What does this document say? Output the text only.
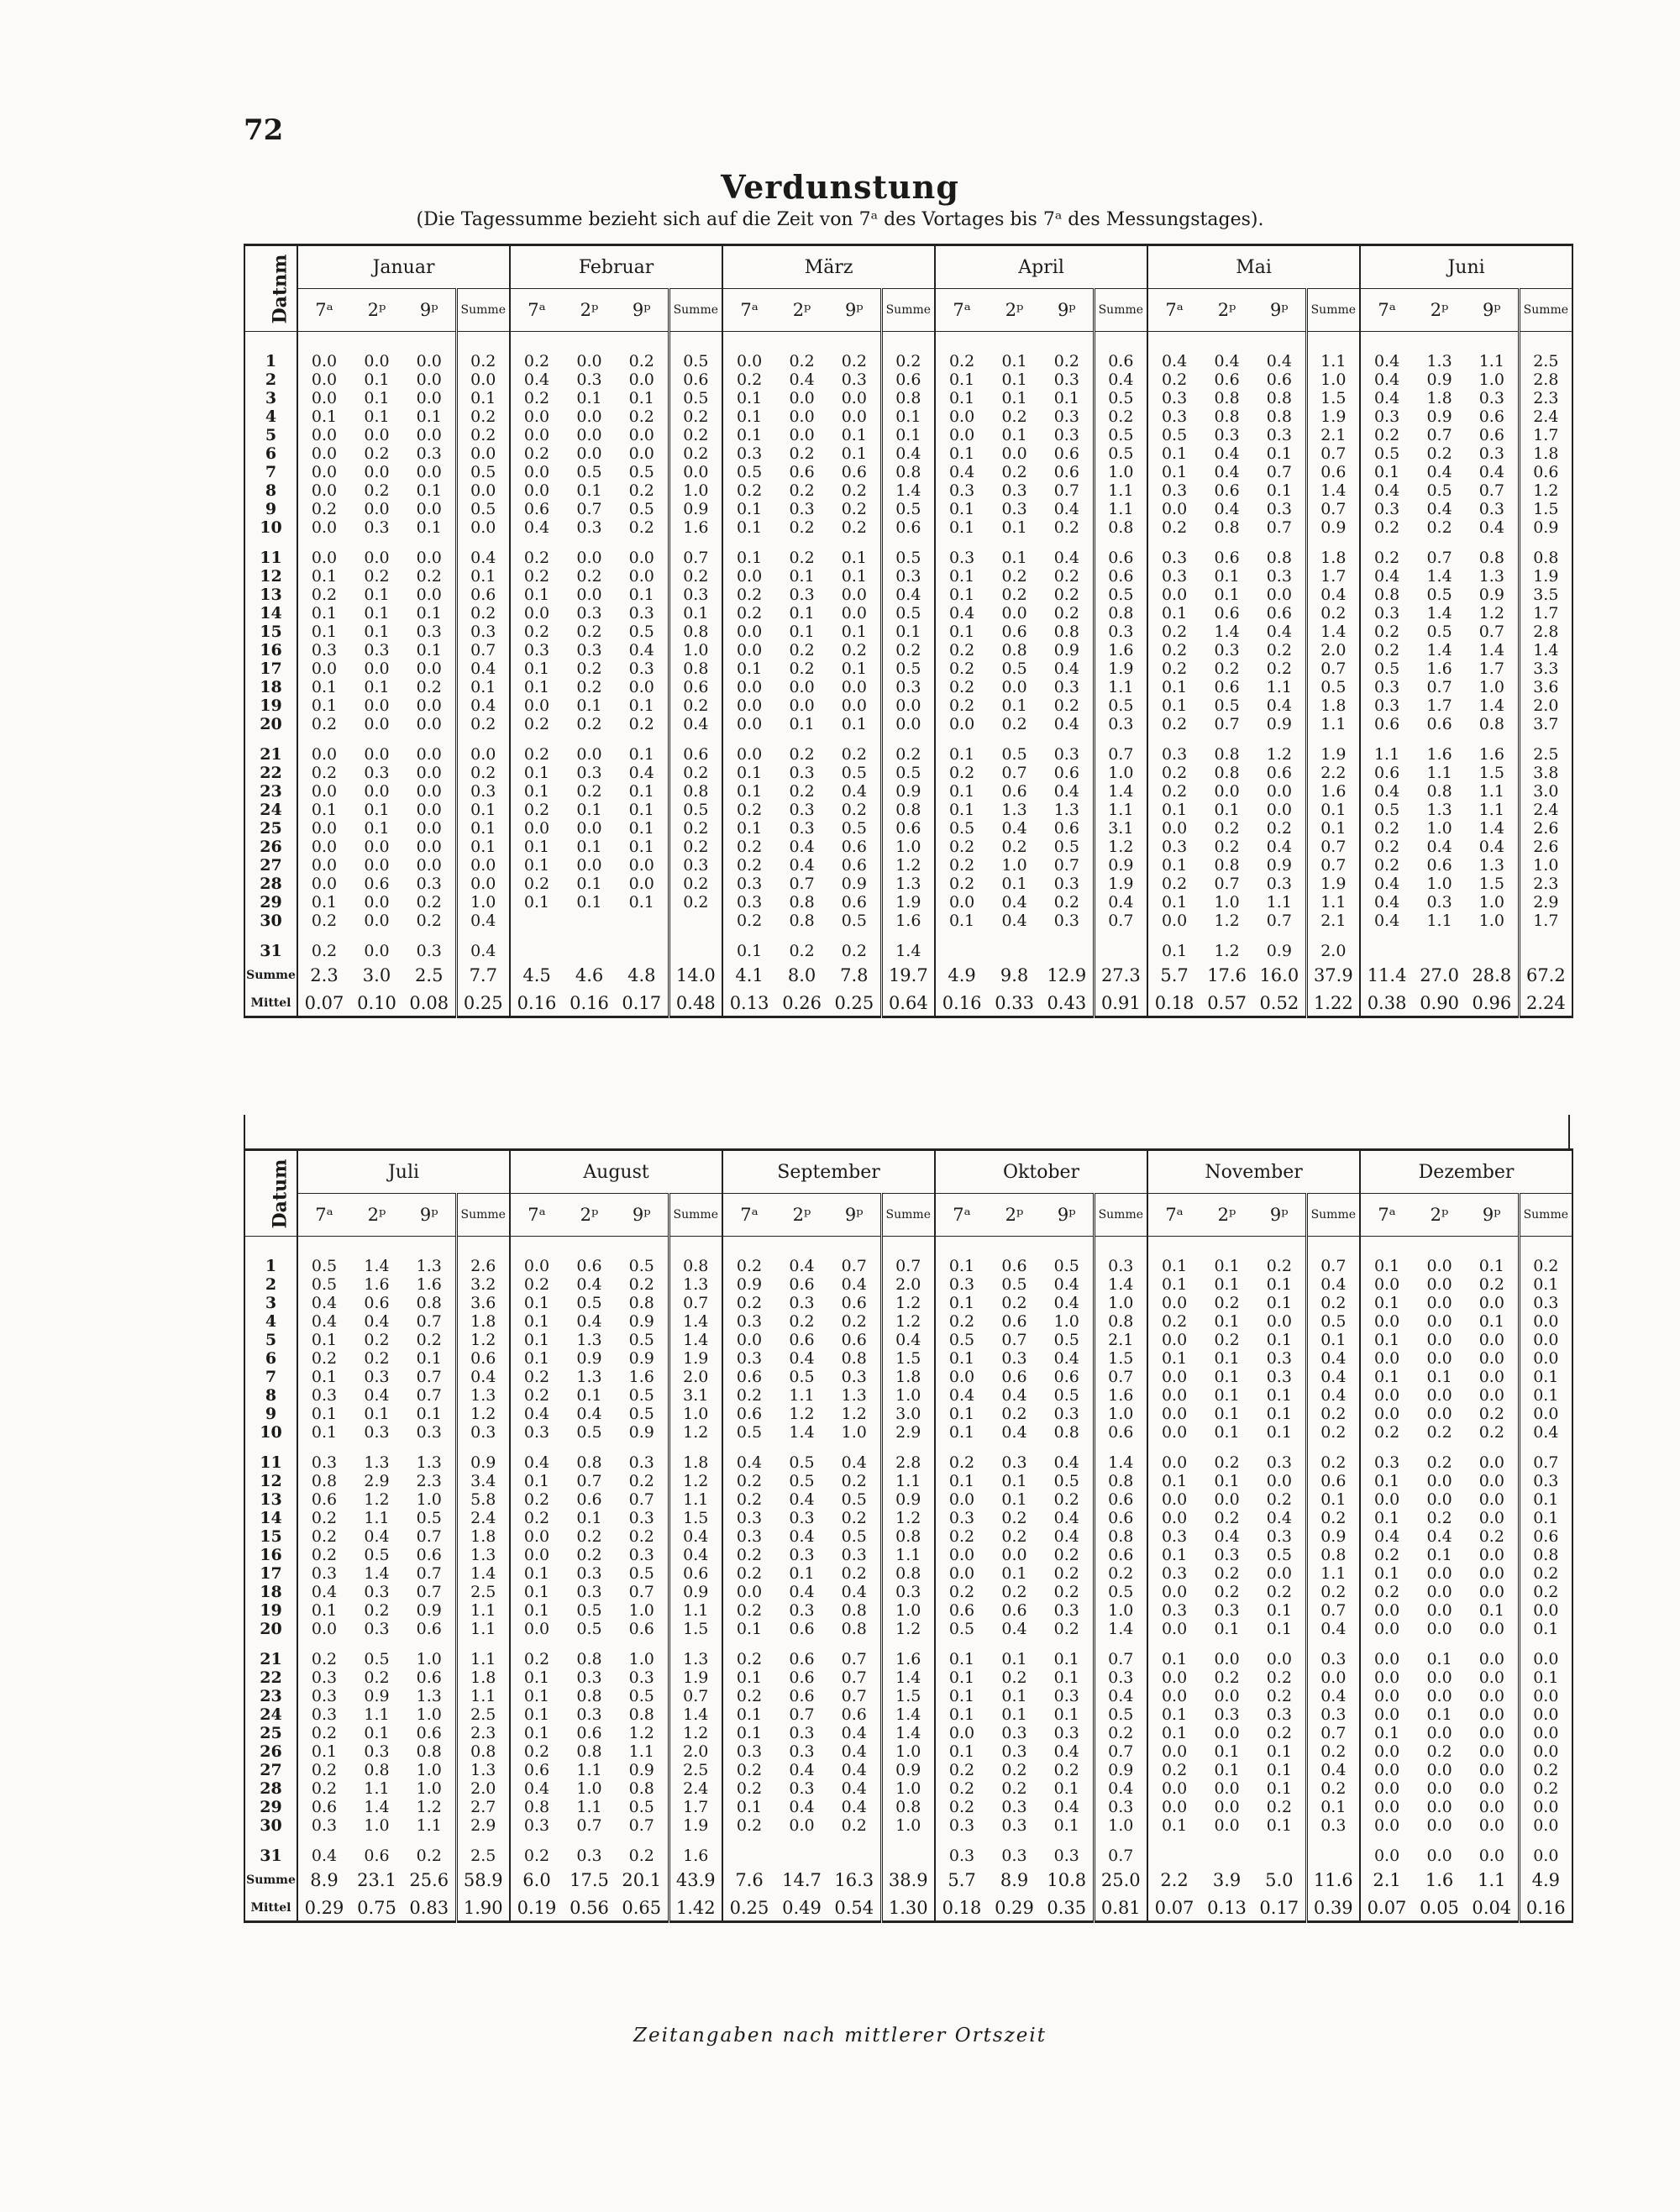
72
Verdunstung
(Die Tagessumme bezieht sich auf die Zeit von 7ᵃ des Vortages bis 7ᵃ des Messungstages).
Datnm	Januar				Februar				März				April				Mai				Juni			
	7ᵃ	2ᵖ	9ᵖ	Summe	7ᵃ	2ᵖ	9ᵖ	Summe	7ᵃ	2ᵖ	9ᵖ	Summe	7ᵃ	2ᵖ	9ᵖ	Summe	7ᵃ	2ᵖ	9ᵖ	Summe	7ᵃ	2ᵖ	9ᵖ	Summe

1	0.0	0.0	0.0	0.2	0.2	0.0	0.2	0.5	0.0	0.2	0.2	0.2	0.2	0.1	0.2	0.6	0.4	0.4	0.4	1.1	0.4	1.3	1.1	2.5
2	0.0	0.1	0.0	0.0	0.4	0.3	0.0	0.6	0.2	0.4	0.3	0.6	0.1	0.1	0.3	0.4	0.2	0.6	0.6	1.0	0.4	0.9	1.0	2.8
3	0.0	0.1	0.0	0.1	0.2	0.1	0.1	0.5	0.1	0.0	0.0	0.8	0.1	0.1	0.1	0.5	0.3	0.8	0.8	1.5	0.4	1.8	0.3	2.3
4	0.1	0.1	0.1	0.2	0.0	0.0	0.2	0.2	0.1	0.0	0.0	0.1	0.0	0.2	0.3	0.2	0.3	0.8	0.8	1.9	0.3	0.9	0.6	2.4
5	0.0	0.0	0.0	0.2	0.0	0.0	0.0	0.2	0.1	0.0	0.1	0.1	0.0	0.1	0.3	0.5	0.5	0.3	0.3	2.1	0.2	0.7	0.6	1.7
6	0.0	0.2	0.3	0.0	0.2	0.0	0.0	0.2	0.3	0.2	0.1	0.4	0.1	0.0	0.6	0.5	0.1	0.4	0.1	0.7	0.5	0.2	0.3	1.8
7	0.0	0.0	0.0	0.5	0.0	0.5	0.5	0.0	0.5	0.6	0.6	0.8	0.4	0.2	0.6	1.0	0.1	0.4	0.7	0.6	0.1	0.4	0.4	0.6
8	0.0	0.2	0.1	0.0	0.0	0.1	0.2	1.0	0.2	0.2	0.2	1.4	0.3	0.3	0.7	1.1	0.3	0.6	0.1	1.4	0.4	0.5	0.7	1.2
9	0.2	0.0	0.0	0.5	0.6	0.7	0.5	0.9	0.1	0.3	0.2	0.5	0.1	0.3	0.4	1.1	0.0	0.4	0.3	0.7	0.3	0.4	0.3	1.5
10	0.0	0.3	0.1	0.0	0.4	0.3	0.2	1.6	0.1	0.2	0.2	0.6	0.1	0.1	0.2	0.8	0.2	0.8	0.7	0.9	0.2	0.2	0.4	0.9

11	0.0	0.0	0.0	0.4	0.2	0.0	0.0	0.7	0.1	0.2	0.1	0.5	0.3	0.1	0.4	0.6	0.3	0.6	0.8	1.8	0.2	0.7	0.8	0.8
12	0.1	0.2	0.2	0.1	0.2	0.2	0.0	0.2	0.0	0.1	0.1	0.3	0.1	0.2	0.2	0.6	0.3	0.1	0.3	1.7	0.4	1.4	1.3	1.9
13	0.2	0.1	0.0	0.6	0.1	0.0	0.1	0.3	0.2	0.3	0.0	0.4	0.1	0.2	0.2	0.5	0.0	0.1	0.0	0.4	0.8	0.5	0.9	3.5
14	0.1	0.1	0.1	0.2	0.0	0.3	0.3	0.1	0.2	0.1	0.0	0.5	0.4	0.0	0.2	0.8	0.1	0.6	0.6	0.2	0.3	1.4	1.2	1.7
15	0.1	0.1	0.3	0.3	0.2	0.2	0.5	0.8	0.0	0.1	0.1	0.1	0.1	0.6	0.8	0.3	0.2	1.4	0.4	1.4	0.2	0.5	0.7	2.8
16	0.3	0.3	0.1	0.7	0.3	0.3	0.4	1.0	0.0	0.2	0.2	0.2	0.2	0.8	0.9	1.6	0.2	0.3	0.2	2.0	0.2	1.4	1.4	1.4
17	0.0	0.0	0.0	0.4	0.1	0.2	0.3	0.8	0.1	0.2	0.1	0.5	0.2	0.5	0.4	1.9	0.2	0.2	0.2	0.7	0.5	1.6	1.7	3.3
18	0.1	0.1	0.2	0.1	0.1	0.2	0.0	0.6	0.0	0.0	0.0	0.3	0.2	0.0	0.3	1.1	0.1	0.6	1.1	0.5	0.3	0.7	1.0	3.6
19	0.1	0.0	0.0	0.4	0.0	0.1	0.1	0.2	0.0	0.0	0.0	0.0	0.2	0.1	0.2	0.5	0.1	0.5	0.4	1.8	0.3	1.7	1.4	2.0
20	0.2	0.0	0.0	0.2	0.2	0.2	0.2	0.4	0.0	0.1	0.1	0.0	0.0	0.2	0.4	0.3	0.2	0.7	0.9	1.1	0.6	0.6	0.8	3.7

21	0.0	0.0	0.0	0.0	0.2	0.0	0.1	0.6	0.0	0.2	0.2	0.2	0.1	0.5	0.3	0.7	0.3	0.8	1.2	1.9	1.1	1.6	1.6	2.5
22	0.2	0.3	0.0	0.2	0.1	0.3	0.4	0.2	0.1	0.3	0.5	0.5	0.2	0.7	0.6	1.0	0.2	0.8	0.6	2.2	0.6	1.1	1.5	3.8
23	0.0	0.0	0.0	0.3	0.1	0.2	0.1	0.8	0.1	0.2	0.4	0.9	0.1	0.6	0.4	1.4	0.2	0.0	0.0	1.6	0.4	0.8	1.1	3.0
24	0.1	0.1	0.0	0.1	0.2	0.1	0.1	0.5	0.2	0.3	0.2	0.8	0.1	1.3	1.3	1.1	0.1	0.1	0.0	0.1	0.5	1.3	1.1	2.4
25	0.0	0.1	0.0	0.1	0.0	0.0	0.1	0.2	0.1	0.3	0.5	0.6	0.5	0.4	0.6	3.1	0.0	0.2	0.2	0.1	0.2	1.0	1.4	2.6
26	0.0	0.0	0.0	0.1	0.1	0.1	0.1	0.2	0.2	0.4	0.6	1.0	0.2	0.2	0.5	1.2	0.3	0.2	0.4	0.7	0.2	0.4	0.4	2.6
27	0.0	0.0	0.0	0.0	0.1	0.0	0.0	0.3	0.2	0.4	0.6	1.2	0.2	1.0	0.7	0.9	0.1	0.8	0.9	0.7	0.2	0.6	1.3	1.0
28	0.0	0.6	0.3	0.0	0.2	0.1	0.0	0.2	0.3	0.7	0.9	1.3	0.2	0.1	0.3	1.9	0.2	0.7	0.3	1.9	0.4	1.0	1.5	2.3
29	0.1	0.0	0.2	1.0	0.1	0.1	0.1	0.2	0.3	0.8	0.6	1.9	0.0	0.4	0.2	0.4	0.1	1.0	1.1	1.1	0.4	0.3	1.0	2.9
30	0.2	0.0	0.2	0.4					0.2	0.8	0.5	1.6	0.1	0.4	0.3	0.7	0.0	1.2	0.7	2.1	0.4	1.1	1.0	1.7

31	0.2	0.0	0.3	0.4					0.1	0.2	0.2	1.4					0.1	1.2	0.9	2.0				
Summe	2.3	3.0	2.5	7.7	4.5	4.6	4.8	14.0	4.1	8.0	7.8	19.7	4.9	9.8	12.9	27.3	5.7	17.6	16.0	37.9	11.4	27.0	28.8	67.2
Mittel	0.07	0.10	0.08	0.25	0.16	0.16	0.17	0.48	0.13	0.26	0.25	0.64	0.16	0.33	0.43	0.91	0.18	0.57	0.52	1.22	0.38	0.90	0.96	2.24
Datum	Juli				August				September				Oktober				November				Dezember			
	7ᵃ	2ᵖ	9ᵖ	Summe	7ᵃ	2ᵖ	9ᵖ	Summe	7ᵃ	2ᵖ	9ᵖ	Summe	7ᵃ	2ᵖ	9ᵖ	Summe	7ᵃ	2ᵖ	9ᵖ	Summe	7ᵃ	2ᵖ	9ᵖ	Summe

1	0.5	1.4	1.3	2.6	0.0	0.6	0.5	0.8	0.2	0.4	0.7	0.7	0.1	0.6	0.5	0.3	0.1	0.1	0.2	0.7	0.1	0.0	0.1	0.2
2	0.5	1.6	1.6	3.2	0.2	0.4	0.2	1.3	0.9	0.6	0.4	2.0	0.3	0.5	0.4	1.4	0.1	0.1	0.1	0.4	0.0	0.0	0.2	0.1
3	0.4	0.6	0.8	3.6	0.1	0.5	0.8	0.7	0.2	0.3	0.6	1.2	0.1	0.2	0.4	1.0	0.0	0.2	0.1	0.2	0.1	0.0	0.0	0.3
4	0.4	0.4	0.7	1.8	0.1	0.4	0.9	1.4	0.3	0.2	0.2	1.2	0.2	0.6	1.0	0.8	0.2	0.1	0.0	0.5	0.0	0.0	0.1	0.0
5	0.1	0.2	0.2	1.2	0.1	1.3	0.5	1.4	0.0	0.6	0.6	0.4	0.5	0.7	0.5	2.1	0.0	0.2	0.1	0.1	0.1	0.0	0.0	0.0
6	0.2	0.2	0.1	0.6	0.1	0.9	0.9	1.9	0.3	0.4	0.8	1.5	0.1	0.3	0.4	1.5	0.1	0.1	0.3	0.4	0.0	0.0	0.0	0.0
7	0.1	0.3	0.7	0.4	0.2	1.3	1.6	2.0	0.6	0.5	0.3	1.8	0.0	0.6	0.6	0.7	0.0	0.1	0.3	0.4	0.1	0.1	0.0	0.1
8	0.3	0.4	0.7	1.3	0.2	0.1	0.5	3.1	0.2	1.1	1.3	1.0	0.4	0.4	0.5	1.6	0.0	0.1	0.1	0.4	0.0	0.0	0.0	0.1
9	0.1	0.1	0.1	1.2	0.4	0.4	0.5	1.0	0.6	1.2	1.2	3.0	0.1	0.2	0.3	1.0	0.0	0.1	0.1	0.2	0.0	0.0	0.2	0.0
10	0.1	0.3	0.3	0.3	0.3	0.5	0.9	1.2	0.5	1.4	1.0	2.9	0.1	0.4	0.8	0.6	0.0	0.1	0.1	0.2	0.2	0.2	0.2	0.4

11	0.3	1.3	1.3	0.9	0.4	0.8	0.3	1.8	0.4	0.5	0.4	2.8	0.2	0.3	0.4	1.4	0.0	0.2	0.3	0.2	0.3	0.2	0.0	0.7
12	0.8	2.9	2.3	3.4	0.1	0.7	0.2	1.2	0.2	0.5	0.2	1.1	0.1	0.1	0.5	0.8	0.1	0.1	0.0	0.6	0.1	0.0	0.0	0.3
13	0.6	1.2	1.0	5.8	0.2	0.6	0.7	1.1	0.2	0.4	0.5	0.9	0.0	0.1	0.2	0.6	0.0	0.0	0.2	0.1	0.0	0.0	0.0	0.1
14	0.2	1.1	0.5	2.4	0.2	0.1	0.3	1.5	0.3	0.3	0.2	1.2	0.3	0.2	0.4	0.6	0.0	0.2	0.4	0.2	0.1	0.2	0.0	0.1
15	0.2	0.4	0.7	1.8	0.0	0.2	0.2	0.4	0.3	0.4	0.5	0.8	0.2	0.2	0.4	0.8	0.3	0.4	0.3	0.9	0.4	0.4	0.2	0.6
16	0.2	0.5	0.6	1.3	0.0	0.2	0.3	0.4	0.2	0.3	0.3	1.1	0.0	0.0	0.2	0.6	0.1	0.3	0.5	0.8	0.2	0.1	0.0	0.8
17	0.3	1.4	0.7	1.4	0.1	0.3	0.5	0.6	0.2	0.1	0.2	0.8	0.0	0.1	0.2	0.2	0.3	0.2	0.0	1.1	0.1	0.0	0.0	0.2
18	0.4	0.3	0.7	2.5	0.1	0.3	0.7	0.9	0.0	0.4	0.4	0.3	0.2	0.2	0.2	0.5	0.0	0.2	0.2	0.2	0.2	0.0	0.0	0.2
19	0.1	0.2	0.9	1.1	0.1	0.5	1.0	1.1	0.2	0.3	0.8	1.0	0.6	0.6	0.3	1.0	0.3	0.3	0.1	0.7	0.0	0.0	0.1	0.0
20	0.0	0.3	0.6	1.1	0.0	0.5	0.6	1.5	0.1	0.6	0.8	1.2	0.5	0.4	0.2	1.4	0.0	0.1	0.1	0.4	0.0	0.0	0.0	0.1

21	0.2	0.5	1.0	1.1	0.2	0.8	1.0	1.3	0.2	0.6	0.7	1.6	0.1	0.1	0.1	0.7	0.1	0.0	0.0	0.3	0.0	0.1	0.0	0.0
22	0.3	0.2	0.6	1.8	0.1	0.3	0.3	1.9	0.1	0.6	0.7	1.4	0.1	0.2	0.1	0.3	0.0	0.2	0.2	0.0	0.0	0.0	0.0	0.1
23	0.3	0.9	1.3	1.1	0.1	0.8	0.5	0.7	0.2	0.6	0.7	1.5	0.1	0.1	0.3	0.4	0.0	0.0	0.2	0.4	0.0	0.0	0.0	0.0
24	0.3	1.1	1.0	2.5	0.1	0.3	0.8	1.4	0.1	0.7	0.6	1.4	0.1	0.1	0.1	0.5	0.1	0.3	0.3	0.3	0.0	0.1	0.0	0.0
25	0.2	0.1	0.6	2.3	0.1	0.6	1.2	1.2	0.1	0.3	0.4	1.4	0.0	0.3	0.3	0.2	0.1	0.0	0.2	0.7	0.1	0.0	0.0	0.0
26	0.1	0.3	0.8	0.8	0.2	0.8	1.1	2.0	0.3	0.3	0.4	1.0	0.1	0.3	0.4	0.7	0.0	0.1	0.1	0.2	0.0	0.2	0.0	0.0
27	0.2	0.8	1.0	1.3	0.6	1.1	0.9	2.5	0.2	0.4	0.4	0.9	0.2	0.2	0.2	0.9	0.2	0.1	0.1	0.4	0.0	0.0	0.0	0.2
28	0.2	1.1	1.0	2.0	0.4	1.0	0.8	2.4	0.2	0.3	0.4	1.0	0.2	0.2	0.1	0.4	0.0	0.0	0.1	0.2	0.0	0.0	0.0	0.2
29	0.6	1.4	1.2	2.7	0.8	1.1	0.5	1.7	0.1	0.4	0.4	0.8	0.2	0.3	0.4	0.3	0.0	0.0	0.2	0.1	0.0	0.0	0.0	0.0
30	0.3	1.0	1.1	2.9	0.3	0.7	0.7	1.9	0.2	0.0	0.2	1.0	0.3	0.3	0.1	1.0	0.1	0.0	0.1	0.3	0.0	0.0	0.0	0.0

31	0.4	0.6	0.2	2.5	0.2	0.3	0.2	1.6					0.3	0.3	0.3	0.7					0.0	0.0	0.0	0.0
Summe	8.9	23.1	25.6	58.9	6.0	17.5	20.1	43.9	7.6	14.7	16.3	38.9	5.7	8.9	10.8	25.0	2.2	3.9	5.0	11.6	2.1	1.6	1.1	4.9
Mittel	0.29	0.75	0.83	1.90	0.19	0.56	0.65	1.42	0.25	0.49	0.54	1.30	0.18	0.29	0.35	0.81	0.07	0.13	0.17	0.39	0.07	0.05	0.04	0.16
Zeitangaben nach mittlerer Ortszeit
